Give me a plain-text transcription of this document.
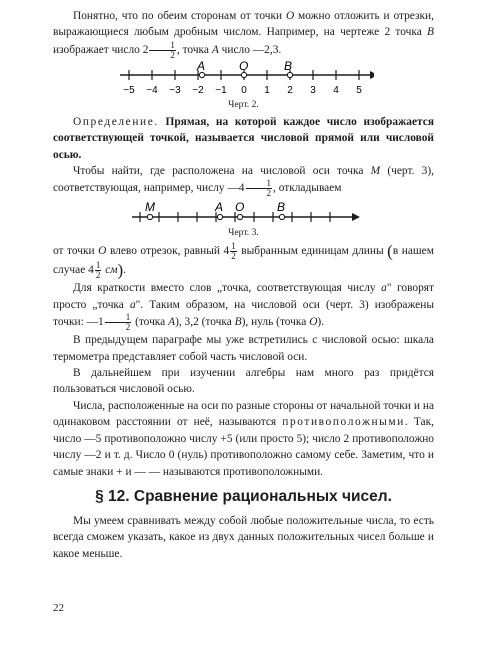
Понятно, что по обеим сторонам от точки O можно отложить и отрезки, выражающиеся любым дробным числом. Например, на чертеже 2 точка B изображает числo $2 \frac{1}{2}$ , точка A число —2,3.

−5 −4 −3 −2 −1 0 1 2 3 4 5
A	O	B
Черт. 2.

Определение. Прямая, на которой каждое число изображается соответствующей точкой, называется числовой прямой или числовой осью.

Чтобы найти, где расположена на числовой оси точка M (черт. 3), соответствующая, например, числу —4 $\frac{1}{2}$ , откладываем

M	A O	B
Черт. 3.

от точки O влево отрезок, равный $4 \frac{1}{2}$ выбранным единицам длины (в нашем случае $4 \frac{1}{2} см$).

Для краткости вместо слов „точка, соответствующая числу a" говорят просто „точка a". Таким образом, на числовой оси (черт. 3) изображены точки: —1 $\frac{1}{2}$ (точка A), 3,2 (точка B), нуль (точка O).

В предыдущем параграфе мы уже встретились с числовой осью: шкала термометра представляет собой часть числовой оси.

В дальнейшем при изучении алгебры нам много раз придётся пользоваться числовой осью.

Числа, расположенные на оси по разные стороны от начальной точки и на одинаковом расстоянии от неё, называются противоположными. Так, число —5 противоположно числу +5 (или просто 5); число 2 противоположно числу —2 и т. д. Число 0 (нуль) противоположно самому себе. Заметим, что и самые знаки + и — — называются противоположными.

§ 12. Сравнение рациональных чисел.

Мы умеем сравнивать между собой любые положительные числа, то есть всегда сможем указать, какое из двух данных положительных чисел больше и какое меньше.

22
